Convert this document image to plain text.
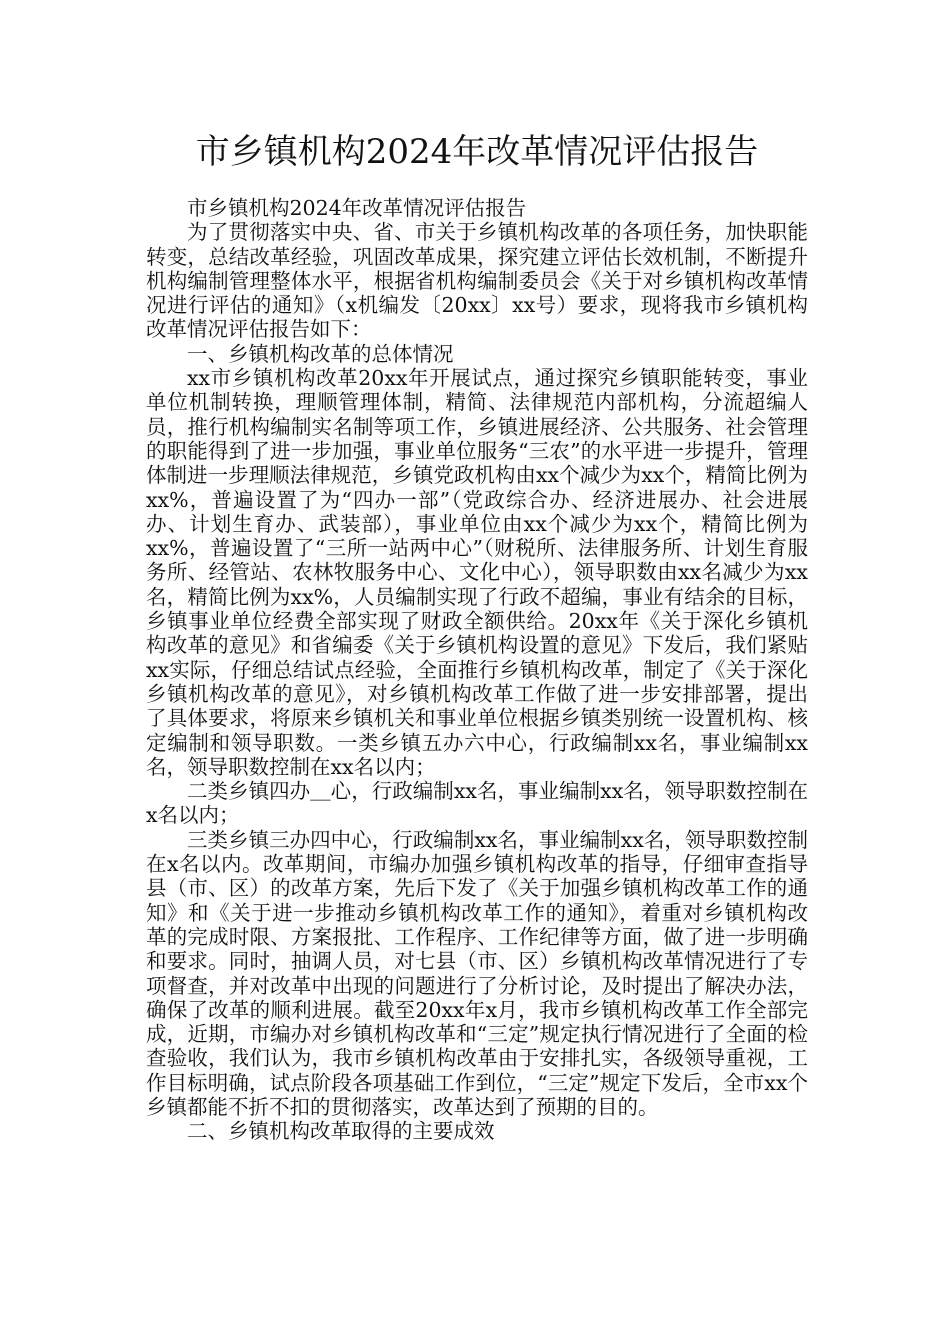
市乡镇机构2024年改革情况评估报告

市乡镇机构2024年改革情况评估报告

为了贯彻落实中央、省、市关于乡镇机构改革的各项任务，加快职能转变，总结改革经验，巩固改革成果，探究建立评估长效机制，不断提升机构编制管理整体水平，根据省机构编制委员会《关于对乡镇机构改革情况进行评估的通知》（x机编发〔20xx〕xx号）要求，现将我市乡镇机构改革情况评估报告如下：

一、乡镇机构改革的总体情况

xx市乡镇机构改革20xx年开展试点，通过探究乡镇职能转变，事业单位机制转换，理顺管理体制，精简、法律规范内部机构，分流超编人员，推行机构编制实名制等项工作，乡镇进展经济、公共服务、社会管理的职能得到了进一步加强，事业单位服务“三农”的水平进一步提升，管理体制进一步理顺法律规范，乡镇党政机构由xx个减少为xx个，精简比例为xx%，普遍设置了为“四办一部”（党政综合办、经济进展办、社会进展办、计划生育办、武装部），事业单位由xx个减少为xx个，精简比例为xx%，普遍设置了“三所一站两中心”（财税所、法律服务所、计划生育服务所、经管站、农林牧服务中心、文化中心），领导职数由xx名减少为xx名，精简比例为xx%，人员编制实现了行政不超编，事业有结余的目标，乡镇事业单位经费全部实现了财政全额供给。20xx年《关于深化乡镇机构改革的意见》和省编委《关于乡镇机构设置的意见》下发后，我们紧贴xx实际，仔细总结试点经验，全面推行乡镇机构改革，制定了《关于深化乡镇机构改革的意见》，对乡镇机构改革工作做了进一步安排部署，提出了具体要求，将原来乡镇机关和事业单位根据乡镇类别统一设置机构、核定编制和领导职数。一类乡镇五办六中心，行政编制xx名，事业编制xx名，领导职数控制在xx名以内；

二类乡镇四办＿心，行政编制xx名，事业编制xx名，领导职数控制在x名以内；

三类乡镇三办四中心，行政编制xx名，事业编制xx名，领导职数控制在x名以内。改革期间，市编办加强乡镇机构改革的指导，仔细审查指导县（市、区）的改革方案，先后下发了《关于加强乡镇机构改革工作的通知》和《关于进一步推动乡镇机构改革工作的通知》，着重对乡镇机构改革的完成时限、方案报批、工作程序、工作纪律等方面，做了进一步明确和要求。同时，抽调人员，对七县（市、区）乡镇机构改革情况进行了专项督查，并对改革中出现的问题进行了分析讨论，及时提出了解决办法，确保了改革的顺利进展。截至20xx年x月，我市乡镇机构改革工作全部完成，近期，市编办对乡镇机构改革和“三定”规定执行情况进行了全面的检查验收，我们认为，我市乡镇机构改革由于安排扎实，各级领导重视，工作目标明确，试点阶段各项基础工作到位，“三定”规定下发后，全市xx个乡镇都能不折不扣的贯彻落实，改革达到了预期的目的。

二、乡镇机构改革取得的主要成效
